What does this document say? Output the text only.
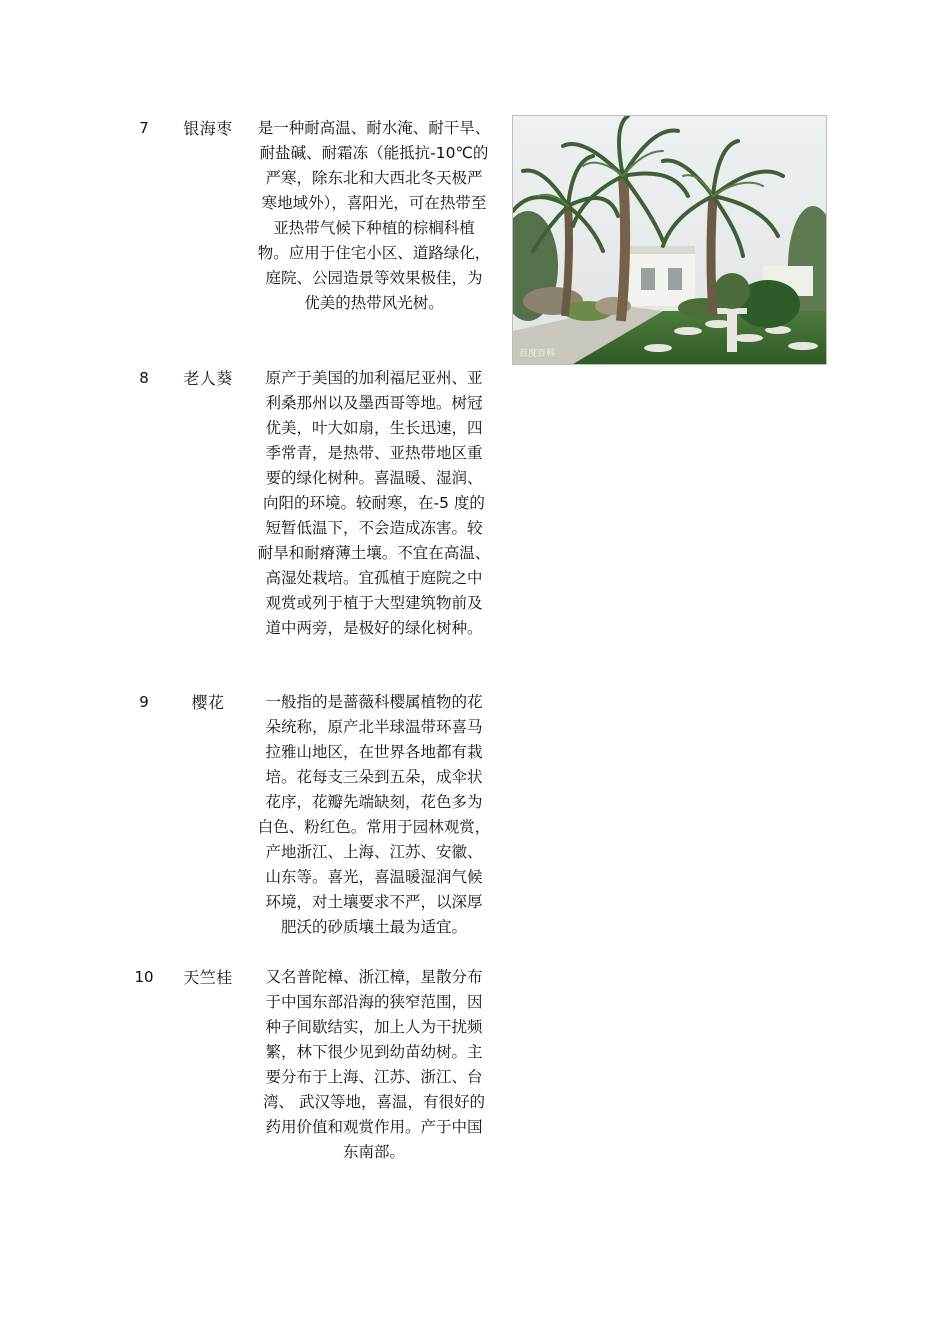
7	银海枣	是一种耐高温、耐水淹、耐干旱、
耐盐碱、耐霜冻（能抵抗-10℃的
严寒，除东北和大西北冬天极严
寒地域外），喜阳光，可在热带至
亚热带气候下种植的棕榈科植
物。应用于住宅小区、道路绿化，
庭院、公园造景等效果极佳，为
优美的热带风光树。
百度百科
8	老人葵	原产于美国的加利福尼亚州、亚
利桑那州以及墨西哥等地。树冠
优美，叶大如扇，生长迅速，四
季常青，是热带、亚热带地区重
要的绿化树种。喜温暖、湿润、
向阳的环境。较耐寒，在-5 度的
短暂低温下，不会造成冻害。较
耐旱和耐瘠薄土壤。不宜在高温、
高湿处栽培。宜孤植于庭院之中
观赏或列于植于大型建筑物前及
道中两旁，是极好的绿化树种。
9	樱花	一般指的是蔷薇科樱属植物的花
朵统称，原产北半球温带环喜马
拉雅山地区，在世界各地都有栽
培。花每支三朵到五朵，成伞状
花序，花瓣先端缺刻，花色多为
白色、粉红色。常用于园林观赏，
产地浙江、上海、江苏、安徽、
山东等。喜光，喜温暖湿润气候
环境，对土壤要求不严，以深厚
肥沃的砂质壤土最为适宜。
10	天竺桂	又名普陀樟、浙江樟，星散分布
于中国东部沿海的狭窄范围，因
种子间歇结实，加上人为干扰频
繁，林下很少见到幼苗幼树。主
要分布于上海、江苏、浙江、台
湾、 武汉等地，喜温，有很好的
药用价值和观赏作用。产于中国
东南部。
